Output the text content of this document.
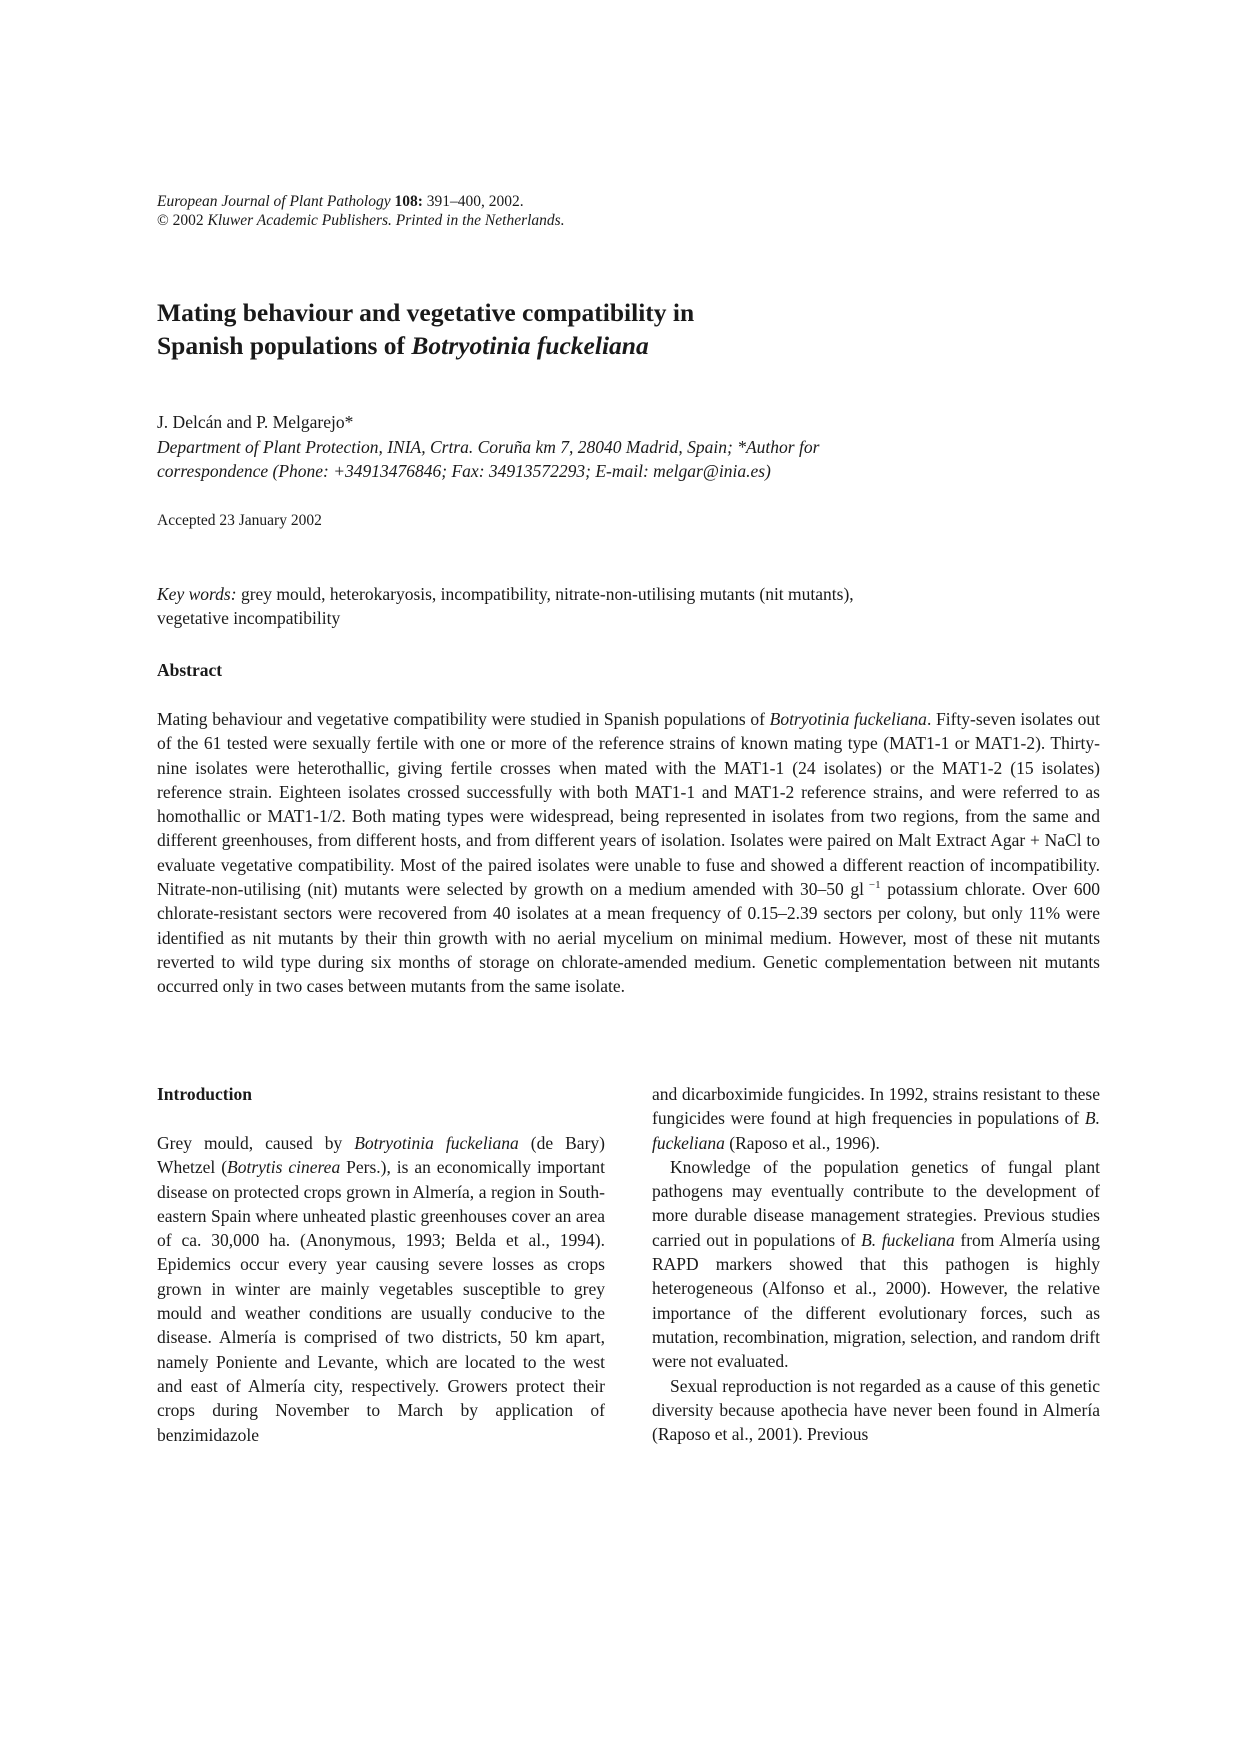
European Journal of Plant Pathology 108: 391–400, 2002.
© 2002 Kluwer Academic Publishers. Printed in the Netherlands.
Mating behaviour and vegetative compatibility in
Spanish populations of Botryotinia fuckeliana
J. Delcán and P. Melgarejo*
Department of Plant Protection, INIA, Crtra. Coruña km 7, 28040 Madrid, Spain; *Author for
correspondence (Phone: +34913476846; Fax: 34913572293; E-mail: melgar@inia.es)
Accepted 23 January 2002
Key words: grey mould, heterokaryosis, incompatibility, nitrate-non-utilising mutants (nit mutants),
vegetative incompatibility
Abstract

Mating behaviour and vegetative compatibility were studied in Spanish populations of Botryotinia fuckeliana. Fifty-seven isolates out of the 61 tested were sexually fertile with one or more of the reference strains of known mating type (MAT1-1 or MAT1-2). Thirty-nine isolates were heterothallic, giving fertile crosses when mated with the MAT1-1 (24 isolates) or the MAT1-2 (15 isolates) reference strain. Eighteen isolates crossed successfully with both MAT1-1 and MAT1-2 reference strains, and were referred to as homothallic or MAT1-1/2. Both mating types were widespread, being represented in isolates from two regions, from the same and different greenhouses, from different hosts, and from different years of isolation. Isolates were paired on Malt Extract Agar + NaCl to evaluate vegetative compatibility. Most of the paired isolates were unable to fuse and showed a different reaction of incompatibility. Nitrate-non-utilising (nit) mutants were selected by growth on a medium amended with 30–50 gl $^{-1}$ potassium chlorate. Over 600 chlorate-resistant sectors were recovered from 40 isolates at a mean frequency of 0.15–2.39 sectors per colony, but only 11% were identified as nit mutants by their thin growth with no aerial mycelium on minimal medium. However, most of these nit mutants reverted to wild type during six months of storage on chlorate-amended medium. Genetic complementation between nit mutants occurred only in two cases between mutants from the same isolate.

Introduction

Grey mould, caused by Botryotinia fuckeliana (de Bary) Whetzel (Botrytis cinerea Pers.), is an economically important disease on protected crops grown in Almería, a region in South-eastern Spain where unheated plastic greenhouses cover an area of ca. 30,000 ha. (Anonymous, 1993; Belda et al., 1994). Epidemics occur every year causing severe losses as crops grown in winter are mainly vegetables susceptible to grey mould and weather conditions are usually conducive to the disease. Almería is comprised of two districts, 50 km apart, namely Poniente and Levante, which are located to the west and east of Almería city, respectively. Growers protect their crops during November to March by application of benzimidazole

and dicarboximide fungicides. In 1992, strains resistant to these fungicides were found at high frequencies in populations of B. fuckeliana (Raposo et al., 1996).

Knowledge of the population genetics of fungal plant pathogens may eventually contribute to the development of more durable disease management strategies. Previous studies carried out in populations of B. fuckeliana from Almería using RAPD markers showed that this pathogen is highly heterogeneous (Alfonso et al., 2000). However, the relative importance of the different evolutionary forces, such as mutation, recombination, migration, selection, and random drift were not evaluated.

Sexual reproduction is not regarded as a cause of this genetic diversity because apothecia have never been found in Almería (Raposo et al., 2001). Previous
